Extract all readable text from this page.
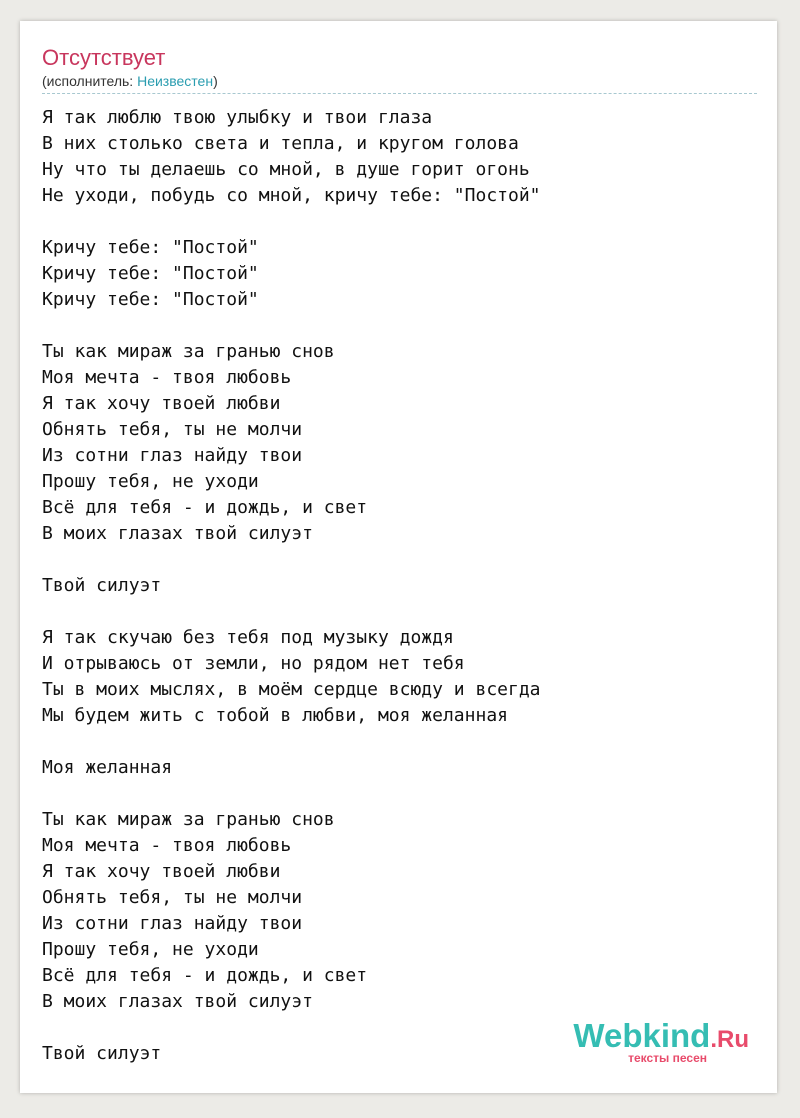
Отсутствует
(исполнитель: Неизвестен)
Я так люблю твою улыбку и твои глаза
В них столько света и тепла, и кругом голова
Ну что ты делаешь со мной, в душе горит огонь
Не уходи, побудь со мной, кричу тебе: "Постой"

Кричу тебе: "Постой"
Кричу тебе: "Постой"
Кричу тебе: "Постой"

Ты как мираж за гранью снов
Моя мечта - твоя любовь
Я так хочу твоей любви
Обнять тебя, ты не молчи
Из сотни глаз найду твои
Прошу тебя, не уходи
Всё для тебя - и дождь, и свет
В моих глазах твой силуэт

Твой силуэт

Я так скучаю без тебя под музыку дождя
И отрываюсь от земли, но рядом нет тебя
Ты в моих мыслях, в моём сердце всюду и всегда
Мы будем жить с тобой в любви, моя желанная

Моя желанная

Ты как мираж за гранью снов
Моя мечта - твоя любовь
Я так хочу твоей любви
Обнять тебя, ты не молчи
Из сотни глаз найду твои
Прошу тебя, не уходи
Всё для тебя - и дождь, и свет
В моих глазах твой силуэт

Твой силуэт	Webkind.Ru
тексты песен
